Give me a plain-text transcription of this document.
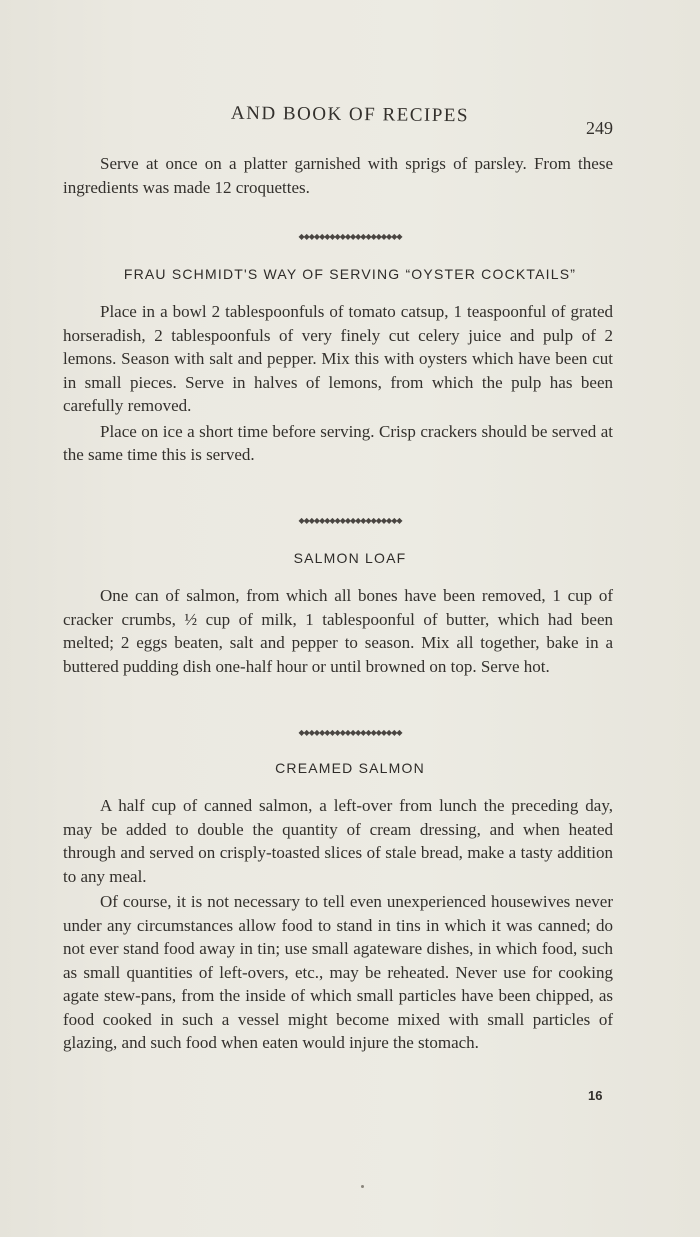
AND BOOK OF RECIPES
249

Serve at once on a platter garnished with sprigs of parsley. From these ingredients was made 12 croquettes.

◆◆◆◆◆◆◆◆◆◆◆◆◆◆◆◆◆◆◆◆
FRAU SCHMIDT'S WAY OF SERVING “OYSTER COCKTAILS”

Place in a bowl 2 tablespoonfuls of tomato catsup, 1 teaspoonful of grated horseradish, 2 tablespoonfuls of very finely cut celery juice and pulp of 2 lemons. Season with salt and pepper. Mix this with oysters which have been cut in small pieces. Serve in halves of lemons, from which the pulp has been carefully removed.

Place on ice a short time before serving. Crisp crackers should be served at the same time this is served.

◆◆◆◆◆◆◆◆◆◆◆◆◆◆◆◆◆◆◆◆
SALMON LOAF

One can of salmon, from which all bones have been removed, 1 cup of cracker crumbs, ½ cup of milk, 1 tablespoonful of butter, which had been melted; 2 eggs beaten, salt and pepper to season. Mix all together, bake in a buttered pudding dish one-half hour or until browned on top. Serve hot.

◆◆◆◆◆◆◆◆◆◆◆◆◆◆◆◆◆◆◆◆
CREAMED SALMON

A half cup of canned salmon, a left-over from lunch the preceding day, may be added to double the quantity of cream dressing, and when heated through and served on crisply-toasted slices of stale bread, make a tasty addition to any meal.

Of course, it is not necessary to tell even unexperienced housewives never under any circumstances allow food to stand in tins in which it was canned; do not ever stand food away in tin; use small agateware dishes, in which food, such as small quantities of left-overs, etc., may be reheated. Never use for cooking agate stew-pans, from the inside of which small particles have been chipped, as food cooked in such a vessel might become mixed with small particles of glazing, and such food when eaten would injure the stomach.

16
